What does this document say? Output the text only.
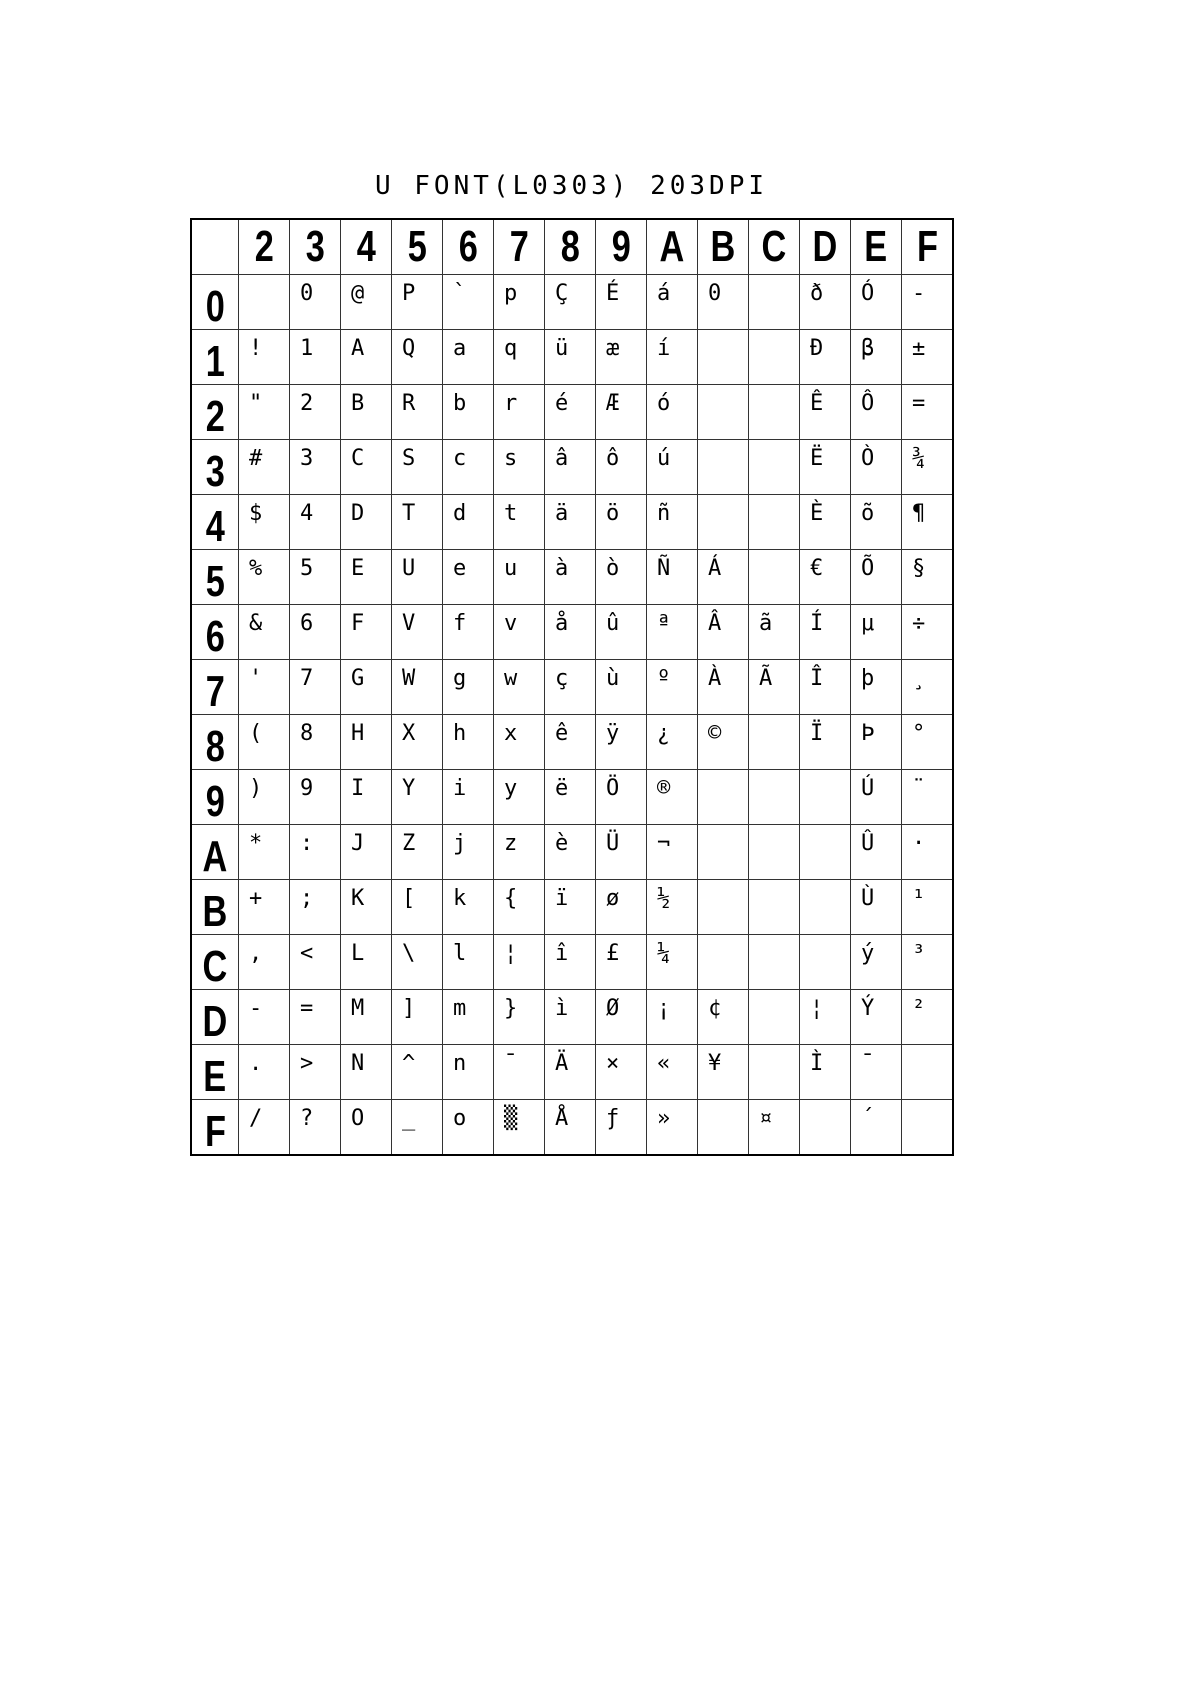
U FONT(L0303) 203DPI
	2	3	4	5	6	7	8	9	A	B	C	D	E	F
0		0	@	P	`	p	Ç	É	á	0		ð	Ó	-

1	!	1	A	Q	a	q	ü	æ	í			Ð	β	±

2	"	2	B	R	b	r	é	Æ	ó			Ê	Ô	=

3	#	3	C	S	c	s	â	ô	ú			Ë	Ò	¾

4	$	4	D	T	d	t	ä	ö	ñ			È	õ	¶

5	%	5	E	U	e	u	à	ò	Ñ	Á		€	Õ	§

6	&	6	F	V	f	v	å	û	ª	Â	ã	Í	μ	÷

7	'	7	G	W	g	w	ç	ù	º	À	Ã	Î	þ	¸

8	(	8	H	X	h	x	ê	ÿ	¿	©		Ï	Þ	°

9	)	9	I	Y	i	y	ë	Ö	®				Ú	¨

A	*	:	J	Z	j	z	è	Ü	¬				Û	·

B	+	;	K	[	k	{	ï	ø	½				Ù	¹

C	,	<	L	\	l	¦	î	£	¼				ý	³

D	-	=	M	]	m	}	ì	Ø	¡	¢		¦	Ý	²

E	.	>	N	^	n	¯	Ä	×	«	¥		Ì	¯	

F	/	?	O	_	o	▒	Å	ƒ	»		¤		´	
